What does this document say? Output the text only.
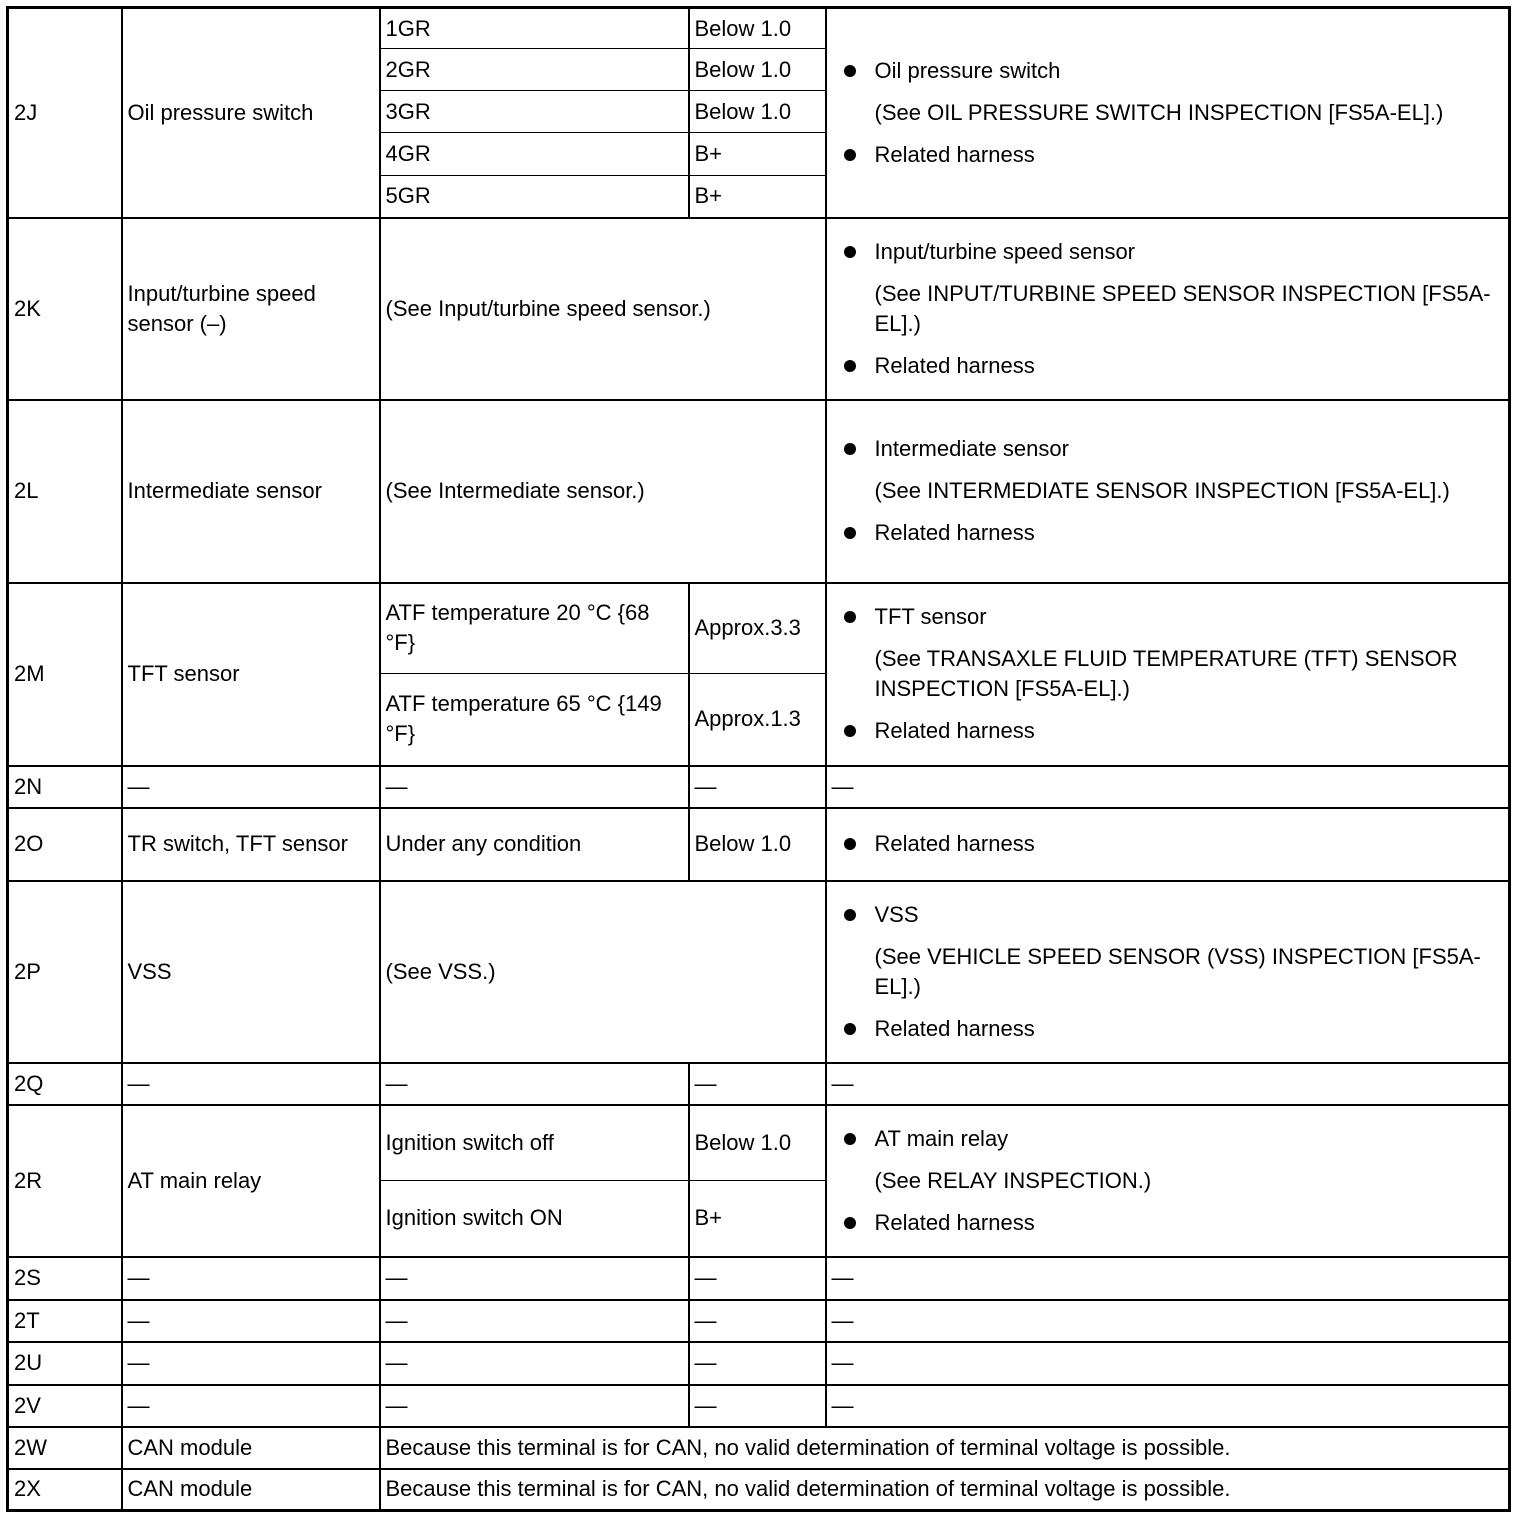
2J	Oil pressure switch	1GR	Below 1.0	Oil pressure switch
(See OIL PRESSURE SWITCH INSPECTION [FS5A-EL].)
Related harness

		2GR	Below 1.0	
		3GR	Below 1.0	
		4GR	B+	
		5GR	B+	
2K	Input/turbine speed sensor (–)	(See Input/turbine speed sensor.)		Input/turbine speed sensor
(See INPUT/TURBINE SPEED SENSOR INSPECTION [FS5A-EL].)
Related harness

2L	Intermediate sensor	(See Intermediate sensor.)		Intermediate sensor
(See INTERMEDIATE SENSOR INSPECTION [FS5A-EL].)
Related harness

2M	TFT sensor	ATF temperature 20 °C {68 °F}	Approx.3.3	TFT sensor
(See TRANSAXLE FLUID TEMPERATURE (TFT) SENSOR INSPECTION [FS5A-EL].)
Related harness

		ATF temperature 65 °C {149 °F}	Approx.1.3	
2N	—	—	—	—
2O	TR switch, TFT sensor	Under any condition	Below 1.0	Related harness

2P	VSS	(See VSS.)		VSS
(See VEHICLE SPEED SENSOR (VSS) INSPECTION [FS5A-EL].)
Related harness

2Q	—	—	—	—
2R	AT main relay	Ignition switch off	Below 1.0	AT main relay
(See RELAY INSPECTION.)
Related harness

		Ignition switch ON	B+	
2S	—	—	—	—
2T	—	—	—	—
2U	—	—	—	—
2V	—	—	—	—
2W	CAN module	Because this terminal is for CAN, no valid determination of terminal voltage is possible.		
2X	CAN module	Because this terminal is for CAN, no valid determination of terminal voltage is possible.		
